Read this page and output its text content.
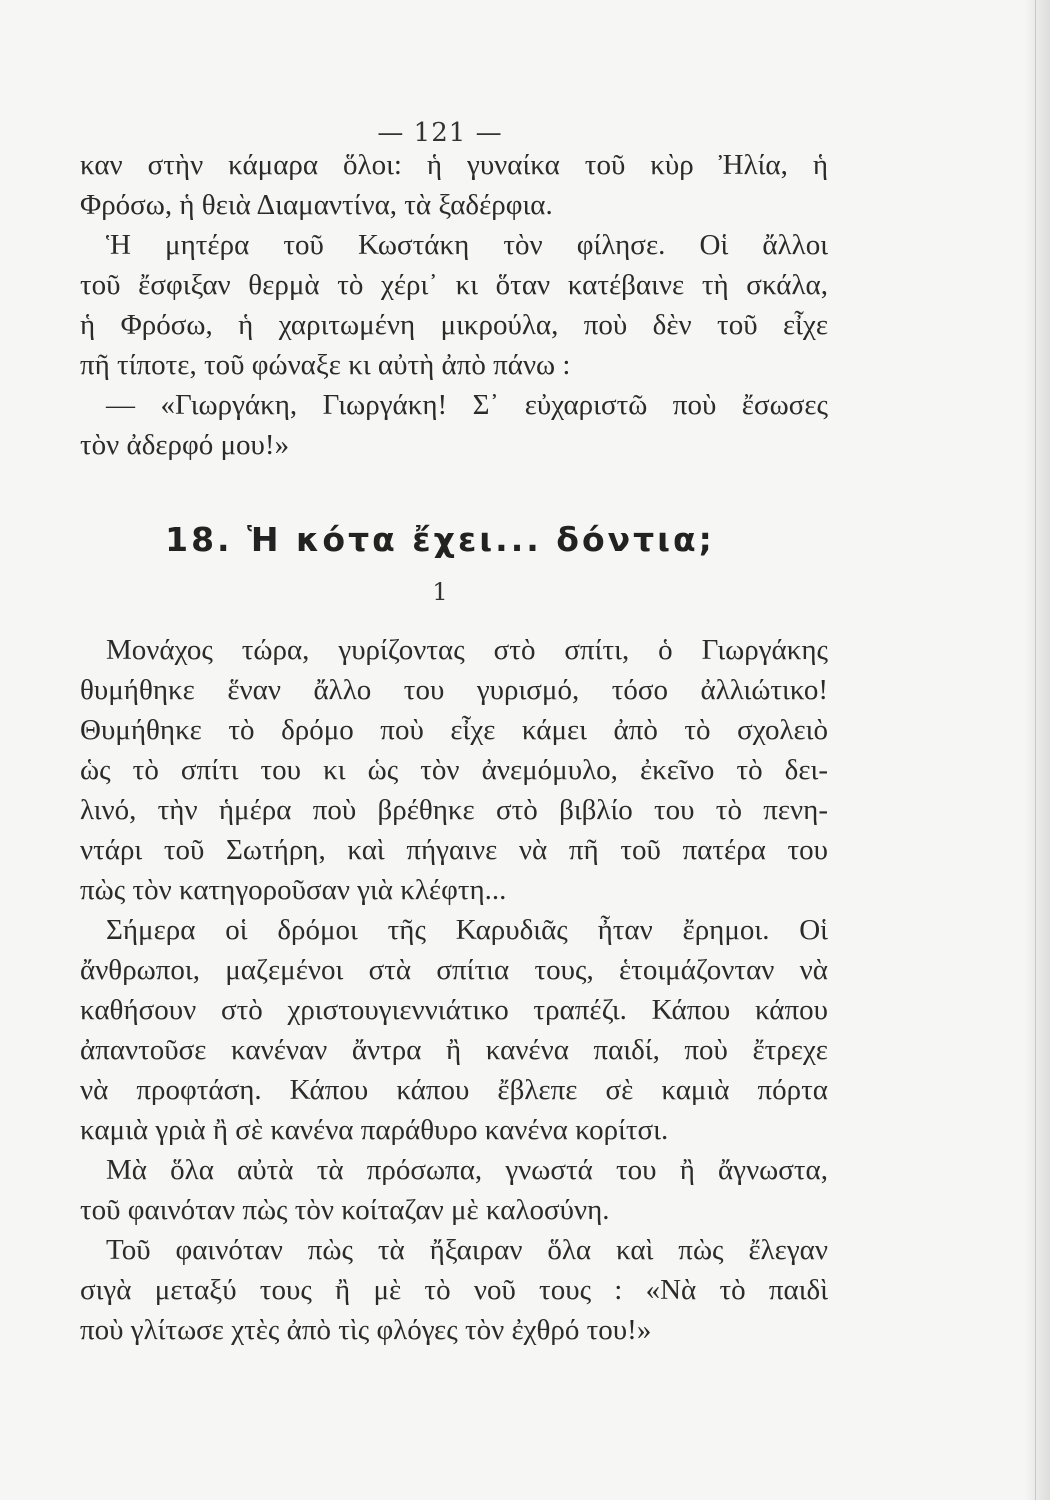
— 121 —
καν στὴν κάμαρα ὅλοι: ἡ γυναίκα τοῦ κὺρ Ἠλία, ἡ
Φρόσω, ἡ θειὰ Διαμαντίνα, τὰ ξαδέρφια.
Ἡ μητέρα τοῦ Κωστάκη τὸν φίλησε. Οἱ ἄλλοι
τοῦ ἔσφιξαν θερμὰ τὸ χέρι᾽ κι ὅταν κατέβαινε τὴ σκάλα,
ἡ Φρόσω, ἡ χαριτωμένη μικρούλα, ποὺ δὲν τοῦ εἶχε
πῆ τίποτε, τοῦ φώναξε κι αὐτὴ ἀπὸ πάνω :
— «Γιωργάκη, Γιωργάκη! Σ᾽ εὐχαριστῶ ποὺ ἔσωσες
τὸν ἀδερφό μου!»
18. Ἡ κότα ἔχει... δόντια;
1
Μονάχος τώρα, γυρίζοντας στὸ σπίτι, ὁ Γιωργάκης
θυμήθηκε ἕναν ἄλλο του γυρισμό, τόσο ἀλλιώτικο!
Θυμήθηκε τὸ δρόμο ποὺ εἶχε κάμει ἀπὸ τὸ σχολειὸ
ὡς τὸ σπίτι του κι ὡς τὸν ἀνεμόμυλο, ἐκεῖνο τὸ δει-
λινό, τὴν ἡμέρα ποὺ βρέθηκε στὸ βιβλίο του τὸ πενη-
ντάρι τοῦ Σωτήρη, καὶ πήγαινε νὰ πῆ τοῦ πατέρα του
πὼς τὸν κατηγοροῦσαν γιὰ κλέφτη...
Σήμερα οἱ δρόμοι τῆς Καρυδιᾶς ἦταν ἔρημοι. Οἱ
ἄνθρωποι, μαζεμένοι στὰ σπίτια τους, ἑτοιμάζονταν νὰ
καθήσουν στὸ χριστουγιεννιάτικο τραπέζι. Κάπου κάπου
ἀπαντοῦσε κανέναν ἄντρα ἢ κανένα παιδί, ποὺ ἔτρεχε
νὰ προφτάση. Κάπου κάπου ἔβλεπε σὲ καμιὰ πόρτα
καμιὰ γριὰ ἢ σὲ κανένα παράθυρο κανένα κορίτσι.
Μὰ ὅλα αὐτὰ τὰ πρόσωπα, γνωστά του ἢ ἄγνωστα,
τοῦ φαινόταν πὼς τὸν κοίταζαν μὲ καλοσύνη.
Τοῦ φαινόταν πὼς τὰ ἤξαιραν ὅλα καὶ πὼς ἔλεγαν
σιγὰ μεταξύ τους ἢ μὲ τὸ νοῦ τους : «Νὰ τὸ παιδὶ
ποὺ γλίτωσε χτὲς ἀπὸ τὶς φλόγες τὸν ἐχθρό του!»
